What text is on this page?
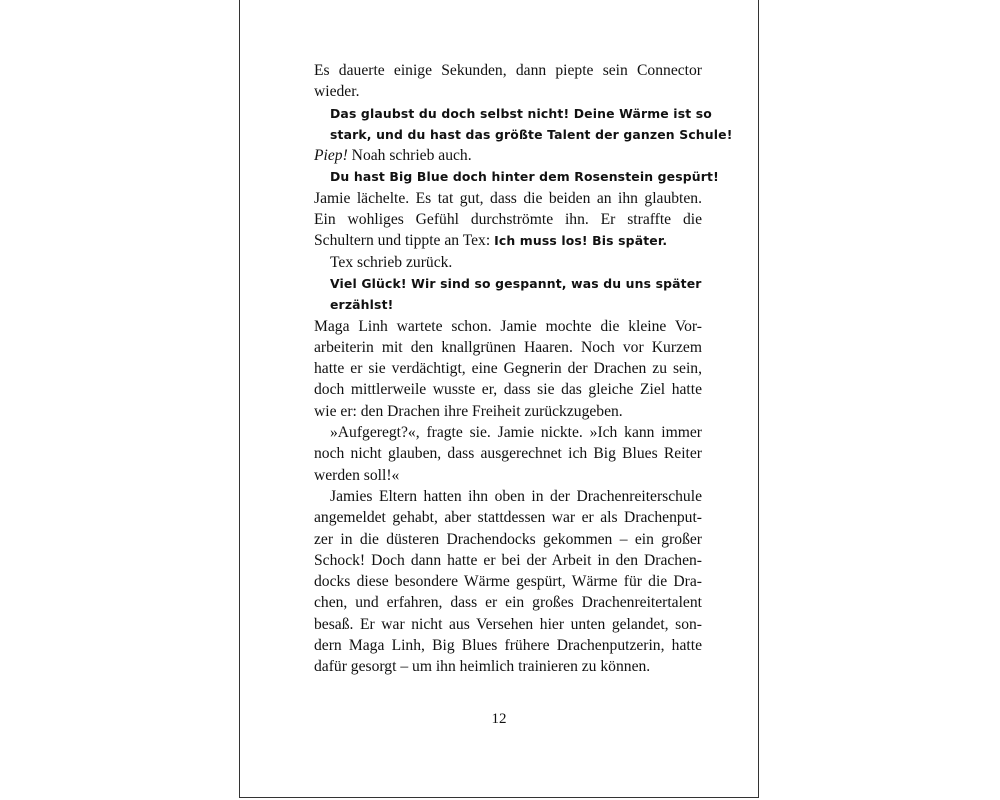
Es dauerte einige Sekunden, dann piepte sein Connector
wieder.
Das glaubst du doch selbst nicht! Deine Wärme ist so
stark, und du hast das größte Talent der ganzen Schule!
Piep! Noah schrieb auch.
Du hast Big Blue doch hinter dem Rosenstein gespürt!
Jamie lächelte. Es tat gut, dass die beiden an ihn glaubten.
Ein wohliges Gefühl durchströmte ihn. Er straffte die
Schultern und tippte an Tex: Ich muss los! Bis später.
Tex schrieb zurück.
Viel Glück! Wir sind so gespannt, was du uns später
erzählst!
Maga Linh wartete schon. Jamie mochte die kleine Vor-
arbeiterin mit den knallgrünen Haaren. Noch vor Kurzem
hatte er sie verdächtigt, eine Gegnerin der Drachen zu sein,
doch mittlerweile wusste er, dass sie das gleiche Ziel hatte
wie er: den Drachen ihre Freiheit zurückzugeben.
»Aufgeregt?«, fragte sie. Jamie nickte. »Ich kann immer
noch nicht glauben, dass ausgerechnet ich Big Blues Reiter
werden soll!«
Jamies Eltern hatten ihn oben in der Drachenreiterschule
angemeldet gehabt, aber stattdessen war er als Drachenput-
zer in die düsteren Drachendocks gekommen – ein großer
Schock! Doch dann hatte er bei der Arbeit in den Drachen-
docks diese besondere Wärme gespürt, Wärme für die Dra-
chen, und erfahren, dass er ein großes Drachenreitertalent
besaß. Er war nicht aus Versehen hier unten gelandet, son-
dern Maga Linh, Big Blues frühere Drachenputzerin, hatte
dafür gesorgt – um ihn heimlich trainieren zu können.
12
